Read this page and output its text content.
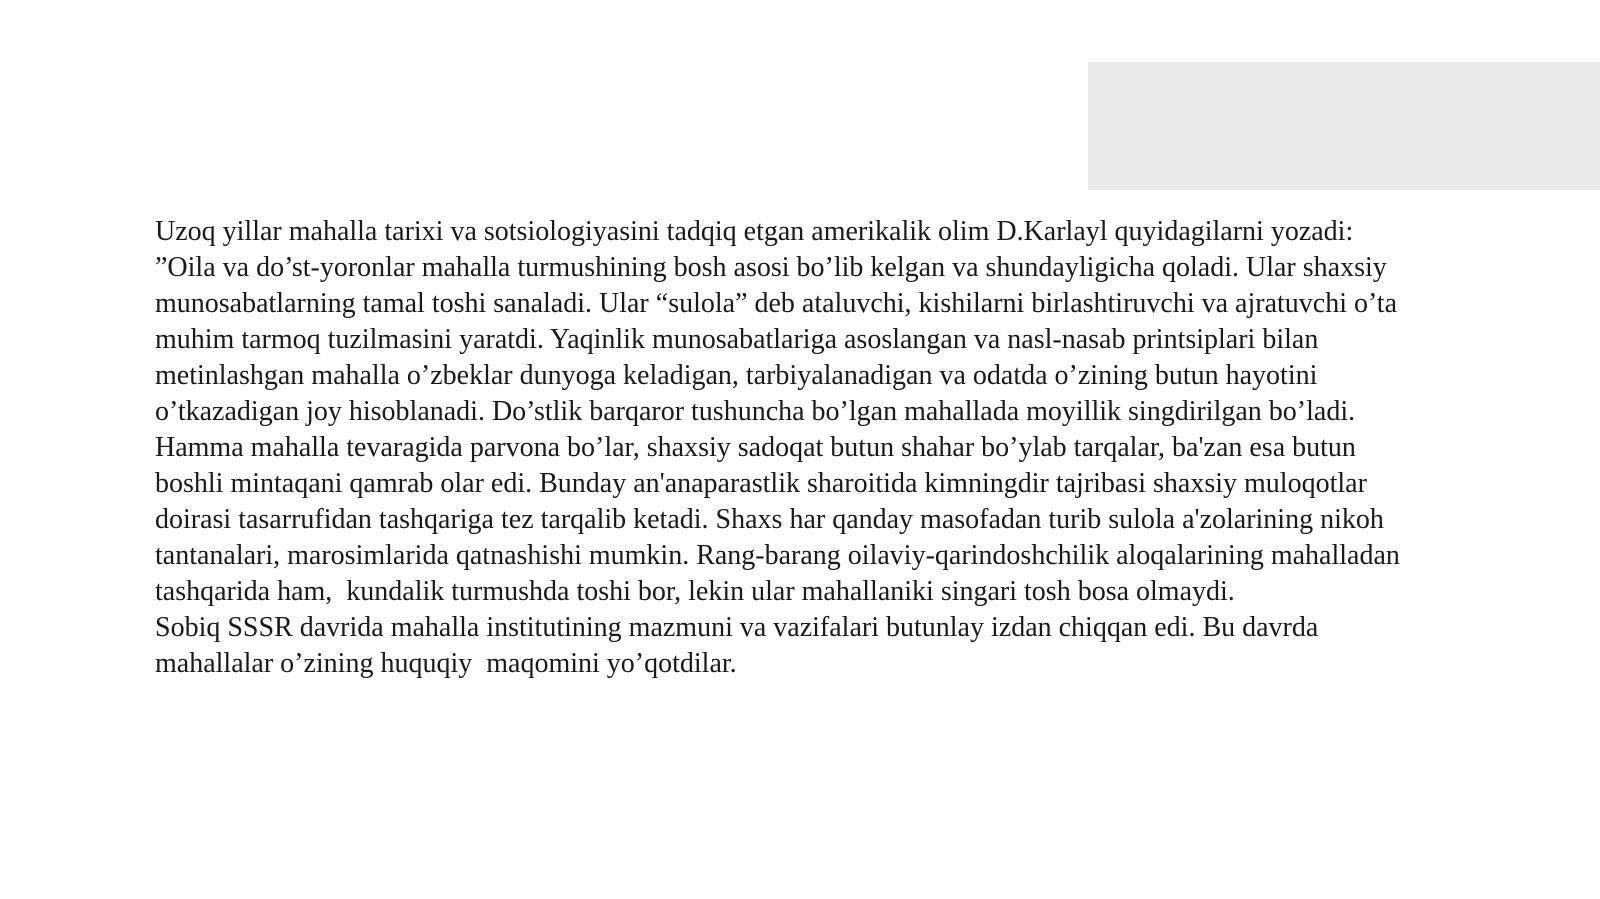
Uzoq yillar mahalla tarixi va sotsiologiyasini tadqiq etgan amerikalik olim D.Karlayl quyidagilarni yozadi:
”Oila va do’st-yoronlar mahalla turmushining bosh asosi bo’lib kelgan va shundayligicha qoladi. Ular shaxsiy
munosabatlarning tamal toshi sanaladi. Ular “sulola” deb ataluvchi, kishilarni birlashtiruvchi va ajratuvchi o’ta
muhim tarmoq tuzilmasini yaratdi. Yaqinlik munosabatlariga asoslangan va nasl-nasab printsiplari bilan
metinlashgan mahalla o’zbeklar dunyoga keladigan, tarbiyalanadigan va odatda o’zining butun hayotini
o’tkazadigan joy hisoblanadi. Do’stlik barqaror tushuncha bo’lgan mahallada moyillik singdirilgan bo’ladi.
Hamma mahalla tevaragida parvona bo’lar, shaxsiy sadoqat butun shahar bo’ylab tarqalar, ba'zan esa butun
boshli mintaqani qamrab olar edi. Bunday an'anaparastlik sharoitida kimningdir tajribasi shaxsiy muloqotlar
doirasi tasarrufidan tashqariga tez tarqalib ketadi. Shaxs har qanday masofadan turib sulola a'zolarining nikoh
tantanalari, marosimlarida qatnashishi mumkin. Rang-barang oilaviy-qarindoshchilik aloqalarining mahalladan
tashqarida ham,  kundalik turmushda toshi bor, lekin ular mahallaniki singari tosh bosa olmaydi.
Sobiq SSSR davrida mahalla institutining mazmuni va vazifalari butunlay izdan chiqqan edi. Bu davrda
mahallalar o’zining huquqiy  maqomini yo’qotdilar.
